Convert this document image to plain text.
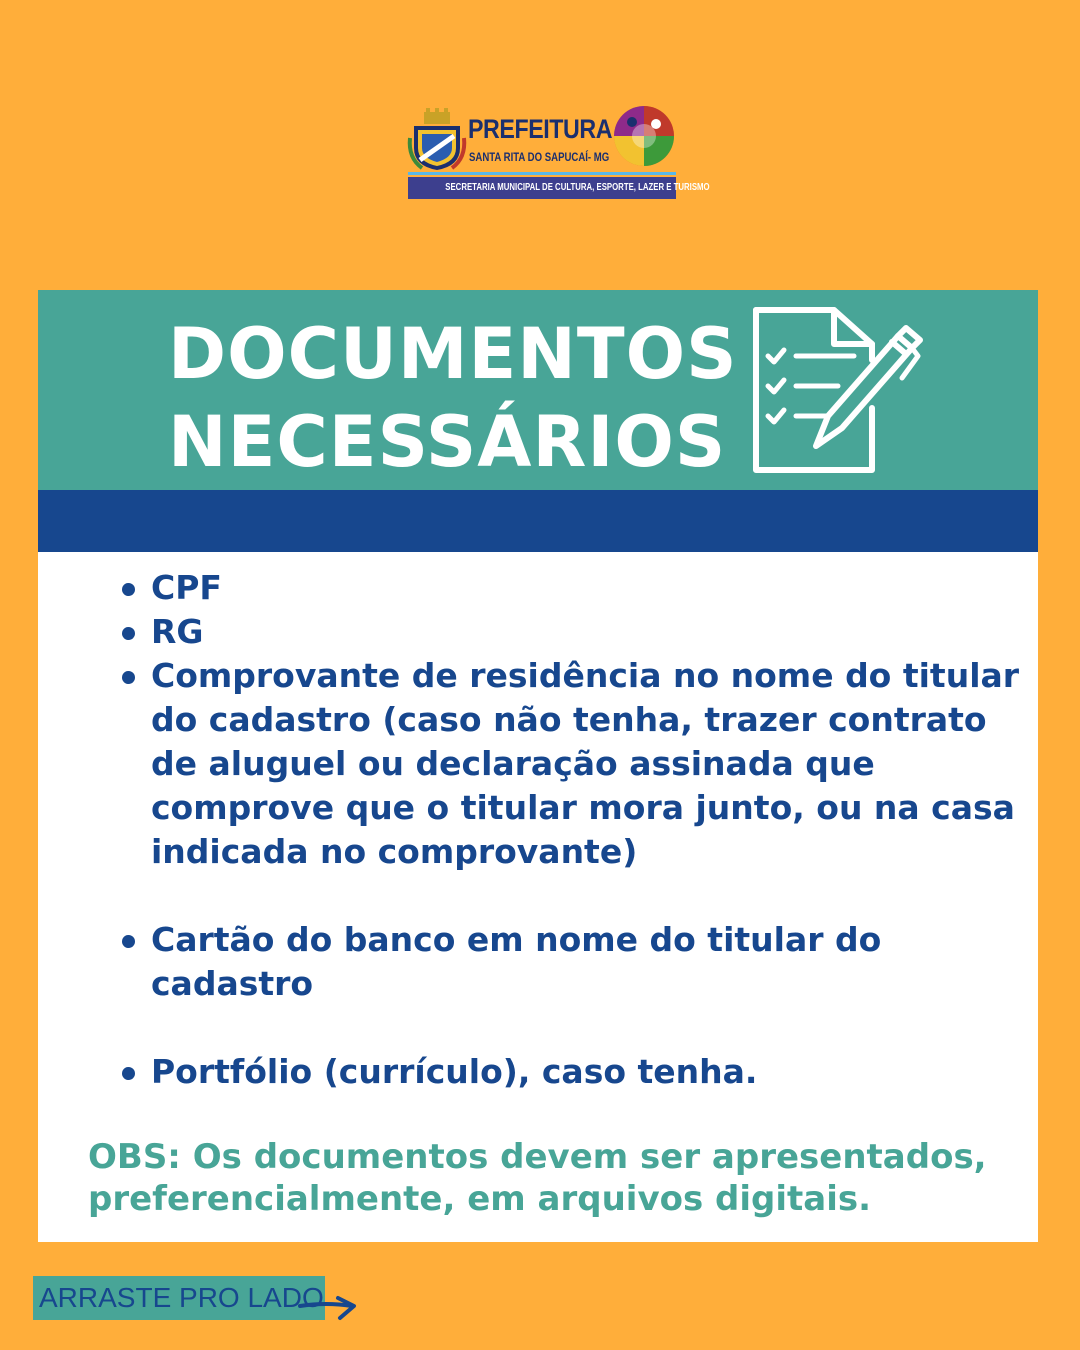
PREFEITURA
SANTA RITA DO SAPUCAÍ- MG
SECRETARIA MUNICIPAL DE CULTURA, ESPORTE, LAZER E TURISMO
DOCUMENTOS
NECESSÁRIOS
CPF
RG
Comprovante de residência no nome do titular do cadastro (caso não tenha, trazer contrato de aluguel ou declaração assinada que comprove que o titular mora junto, ou na casa indicada no comprovante)
Cartão do banco em nome do titular do cadastro
Portfólio (currículo), caso tenha.

OBS: Os documentos devem ser apresentados, preferencialmente, em arquivos digitais.

ARRASTE PRO LADO
